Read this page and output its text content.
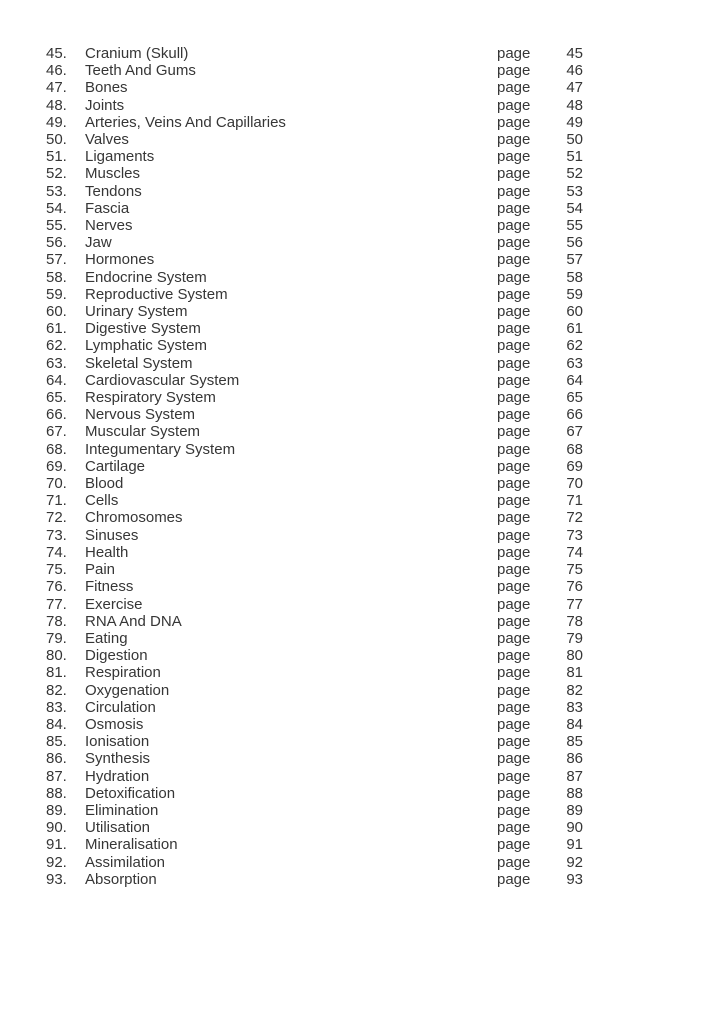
45.	Cranium (Skull)	page	45
46.	Teeth And Gums	page	46
47.	Bones	page	47
48.	Joints	page	48
49.	Arteries, Veins And Capillaries	page	49
50.	Valves	page	50
51.	Ligaments	page	51
52.	Muscles	page	52
53.	Tendons	page	53
54.	Fascia	page	54
55.	Nerves	page	55
56.	Jaw	page	56
57.	Hormones	page	57
58.	Endocrine System	page	58
59.	Reproductive System	page	59
60.	Urinary System	page	60
61.	Digestive System	page	61
62.	Lymphatic System	page	62
63.	Skeletal System	page	63
64.	Cardiovascular System	page	64
65.	Respiratory System	page	65
66.	Nervous System	page	66
67.	Muscular System	page	67
68.	Integumentary System	page	68
69.	Cartilage	page	69
70.	Blood	page	70
71.	Cells	page	71
72.	Chromosomes	page	72
73.	Sinuses	page	73
74.	Health	page	74
75.	Pain	page	75
76.	Fitness	page	76
77.	Exercise	page	77
78.	RNA And DNA	page	78
79.	Eating	page	79
80.	Digestion	page	80
81.	Respiration	page	81
82.	Oxygenation	page	82
83.	Circulation	page	83
84.	Osmosis	page	84
85.	Ionisation	page	85
86.	Synthesis	page	86
87.	Hydration	page	87
88.	Detoxification	page	88
89.	Elimination	page	89
90.	Utilisation	page	90
91.	Mineralisation	page	91
92.	Assimilation	page	92
93.	Absorption	page	93
